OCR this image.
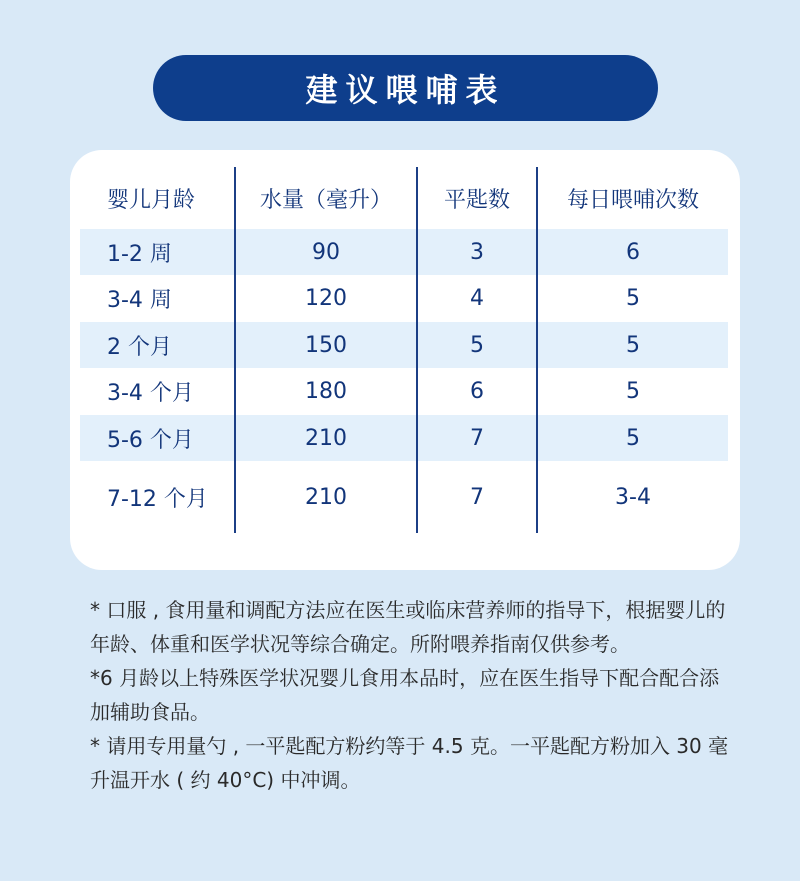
建议喂哺表
婴儿月龄	水量（毫升）	平匙数	每日喂哺次数
1-2 周	90	3	6
3-4 周	120	4	5
2 个月	150	5	5
3-4 个月	180	6	5
5-6 个月	210	7	5
7-12 个月	210	7	3-4

* 口服 , 食用量和调配方法应在医生或临床营养师的指导下，根据婴儿的年龄、体重和医学状况等综合确定。所附喂养指南仅供参考。

*6 月龄以上特殊医学状况婴儿食用本品时，应在医生指导下配合配合添加辅助食品。

* 请用专用量勺 , 一平匙配方粉约等于 4.5 克。一平匙配方粉加入 30 毫升温开水 ( 约 40°C) 中冲调。
